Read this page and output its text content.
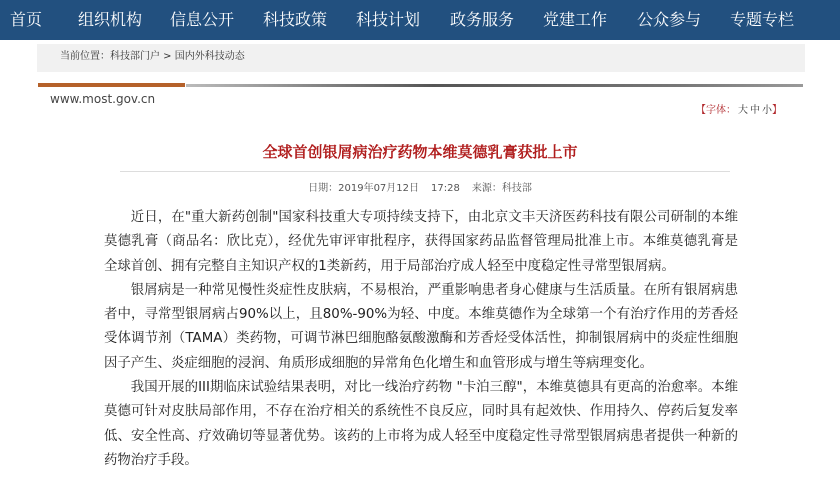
首页 组织机构 信息公开 科技政策 科技计划 政务服务 党建工作 公众参与 专题专栏
当前位置：科技部门户 > 国内外科技动态
www.most.gov.cn
【字体： 大 中 小】
全球首创银屑病治疗药物本维莫德乳膏获批上市
日期：2019年07月12日 17:28 来源：科技部

近日，在"重大新药创制"国家科技重大专项持续支持下，由北京文丰天济医药科技有限公司研制的本维莫德乳膏（商品名：欣比克），经优先审评审批程序，获得国家药品监督管理局批准上市。本维莫德乳膏是全球首创、拥有完整自主知识产权的1类新药，用于局部治疗成人轻至中度稳定性寻常型银屑病。

银屑病是一种常见慢性炎症性皮肤病，不易根治，严重影响患者身心健康与生活质量。在所有银屑病患者中，寻常型银屑病占90%以上，且80%-90%为轻、中度。本维莫德作为全球第一个有治疗作用的芳香烃受体调节剂（TAMA）类药物，可调节淋巴细胞酪氨酸激酶和芳香烃受体活性，抑制银屑病中的炎症性细胞因子产生、炎症细胞的浸润、角质形成细胞的异常角色化增生和血管形成与增生等病理变化。

我国开展的III期临床试验结果表明，对比一线治疗药物 "卡泊三醇"，本维莫德具有更高的治愈率。本维莫德可针对皮肤局部作用，不存在治疗相关的系统性不良反应，同时具有起效快、作用持久、停药后复发率低、安全性高、疗效确切等显著优势。该药的上市将为成人轻至中度稳定性寻常型银屑病患者提供一种新的药物治疗手段。
